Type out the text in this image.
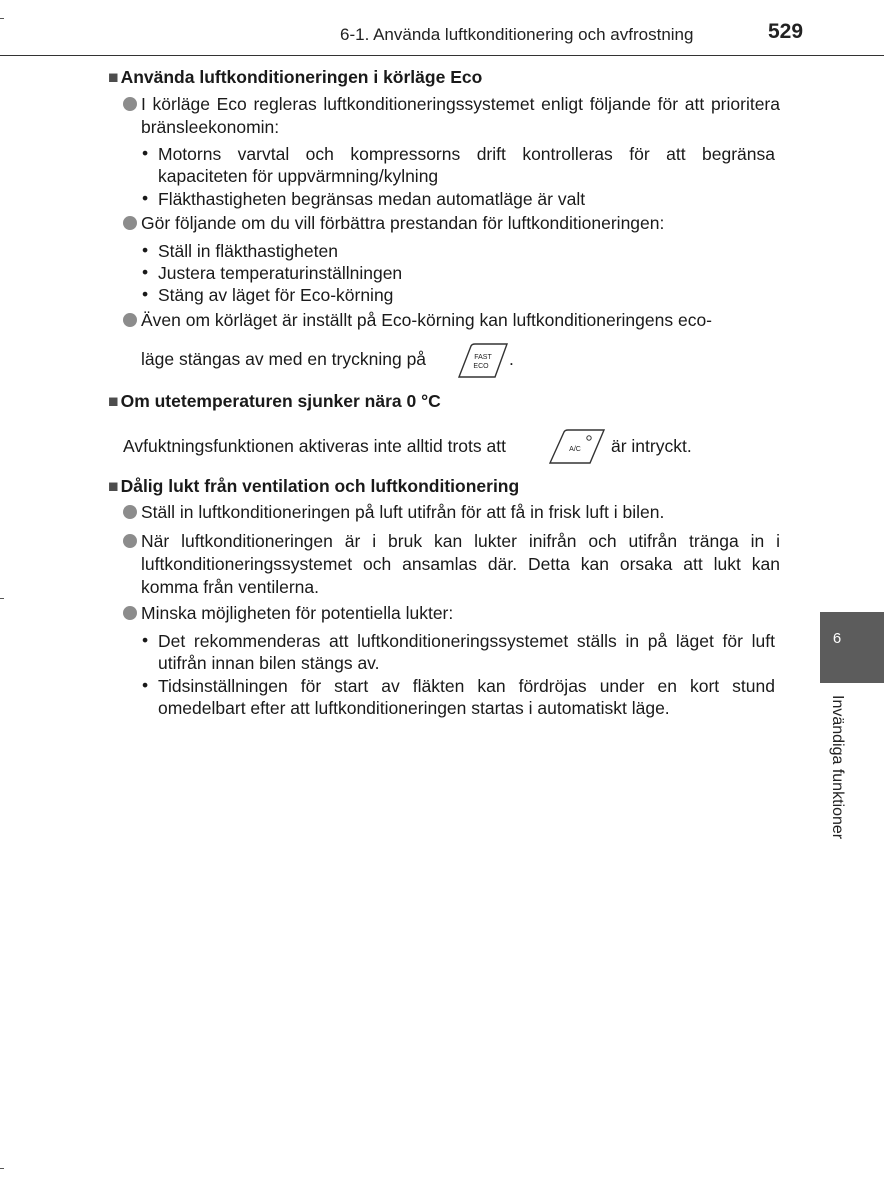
6-1. Använda luftkonditionering och avfrostning	529
■ Använda luftkonditioneringen i körläge Eco
I körläge Eco regleras luftkonditioneringssystemet enligt följande för att prioritera bränsleekonomin:
• Motorns varvtal och kompressorns drift kontrolleras för att begränsa kapaciteten för uppvärmning/kylning
• Fläkthastigheten begränsas medan automatläge är valt
Gör följande om du vill förbättra prestandan för luftkonditioneringen:
• Ställ in fläkthastigheten
• Justera temperaturinställningen
• Stäng av läget för Eco-körning
Även om körläget är inställt på Eco-körning kan luftkonditioneringens eco-
läge stängas av med en tryckning på	FAST
ECO .
■ Om utetemperaturen sjunker nära 0 °C
Avfuktningsfunktionen aktiveras inte alltid trots att	A/C är intryckt.
■ Dålig lukt från ventilation och luftkonditionering
Ställ in luftkonditioneringen på luft utifrån för att få in frisk luft i bilen.
När luftkonditioneringen är i bruk kan lukter inifrån och utifrån tränga in i luftkonditioneringssystemet och ansamlas där. Detta kan orsaka att lukt kan komma från ventilerna.
Minska möjligheten för potentiella lukter:
• Det rekommenderas att luftkonditioneringssystemet ställs in på läget för luft utifrån innan bilen stängs av.
• Tidsinställningen för start av fläkten kan fördröjas under en kort stund omedelbart efter att luftkonditioneringen startas i automatiskt läge.
6
Invändiga funktioner
